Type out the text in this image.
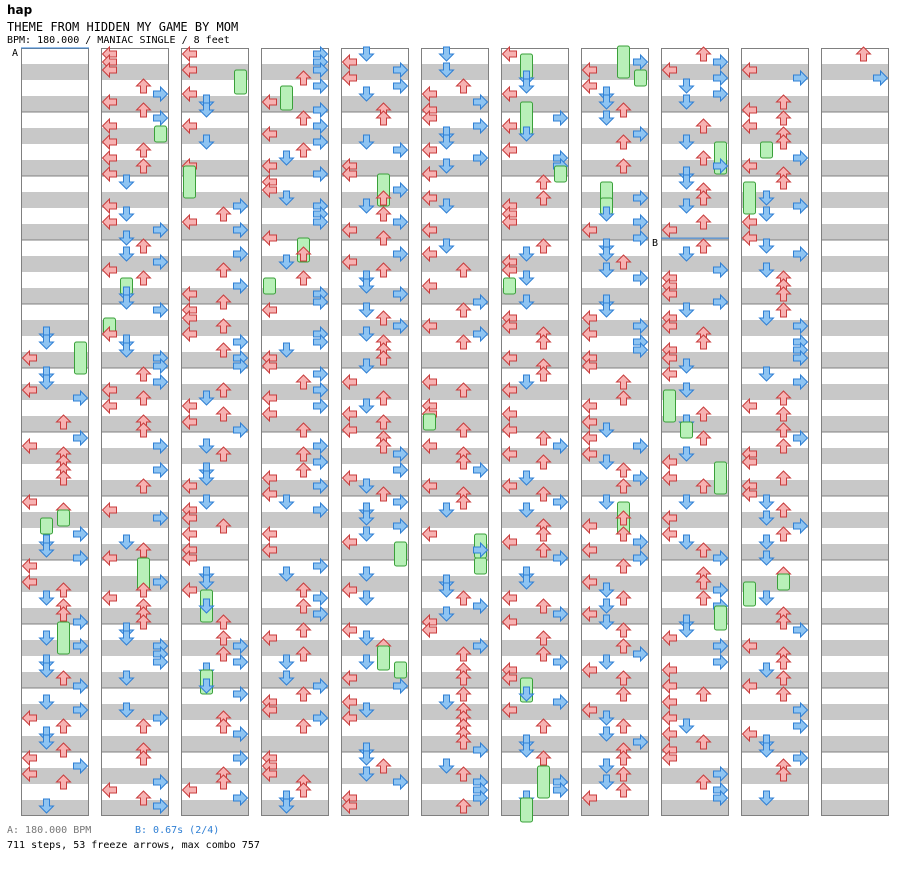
hap
THEME FROM HIDDEN MY GAME BY MOM
BPM: 180.000 / MANIAC SINGLE / 8 feet
A
B
A: 180.000 BPM	B: 0.67s (2/4)
711 steps, 53 freeze arrows, max combo 757
